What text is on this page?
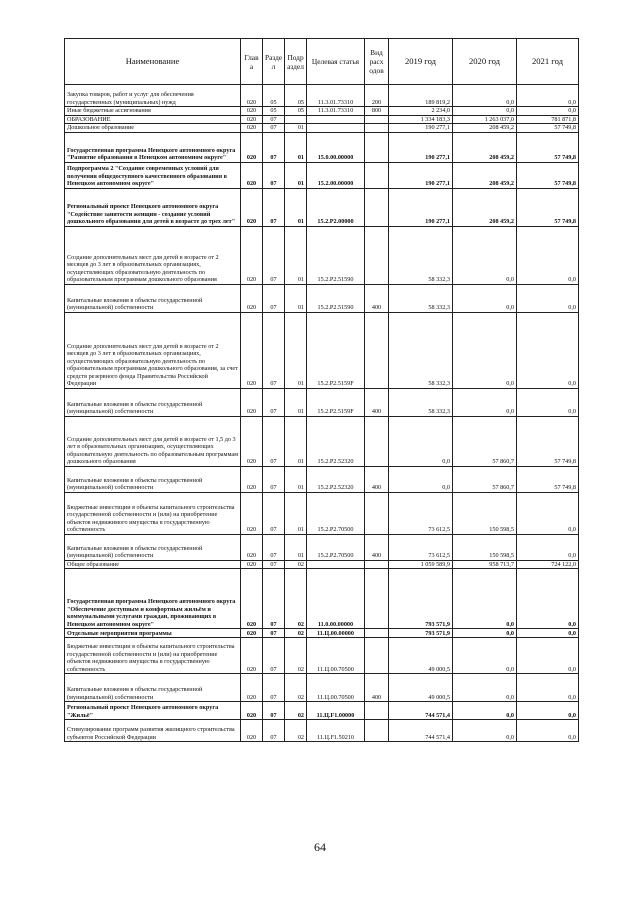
Наименование	Глав а	Разде л	Подр аздел	Целевая статья	Вид расх одов	2019 год	2020 год	2021 год
Закупка товаров, работ и услуг для обеспечения государственных (муниципальных) нужд	020	05	05	11.3.01.73310	200	189 819,2	0,0	0,0
Иные бюджетные ассигнования	020	05	05	11.3.01.73310	800	2 234,0	0,0	0,0
ОБРАЗОВАНИЕ	020	07				1 334 183,3	1 263 037,0	781 871,8
Дошкольное образование	020	07	01			190 277,1	208 459,2	57 749,8
Государственная программа Ненецкого автономного округа "Развитие образования в Ненецком автономном округе"	020	07	01	15.0.00.00000		190 277,1	208 459,2	57 749,8
Подпрограмма 2 "Создание современных условий для получения общедоступного качественного образования в Ненецком автономном округе"	020	07	01	15.2.00.00000		190 277,1	208 459,2	57 749,8
Региональный проект Ненецкого автономного округа "Содействие занятости женщин - создание условий дошкольного образования для детей в возрасте до трех лет"	020	07	01	15.2.P2.00000		190 277,1	208 459,2	57 749,8
Создание дополнительных мест для детей в возрасте от 2 месяцев до 3 лет в образовательных организациях, осуществляющих образовательную деятельность по образовательным программам дошкольного образования	020	07	01	15.2.P2.51590		58 332,3	0,0	0,0
Капитальные вложения в объекты государственной (муниципальной) собственности	020	07	01	15.2.P2.51590	400	58 332,3	0,0	0,0
Создание дополнительных мест для детей в возрасте от 2 месяцев до 3 лет в образовательных организациях, осуществляющих образовательную деятельность по образовательным программам дошкольного образования, за счет средств резервного фонда Правительства Российской Федерации	020	07	01	15.2.P2.5159F		58 332,3	0,0	0,0
Капитальные вложения в объекты государственной (муниципальной) собственности	020	07	01	15.2.P2.5159F	400	58 332,3	0,0	0,0
Создание дополнительных мест для детей в возрасте от 1,5 до 3 лет в образовательных организациях, осуществляющих образовательную деятельность по образовательным программам дошкольного образования	020	07	01	15.2.P2.52320		0,0	57 860,7	57 749,8
Капитальные вложения в объекты государственной (муниципальной) собственности	020	07	01	15.2.P2.52320	400	0,0	57 860,7	57 749,8
Бюджетные инвестиции в объекты капитального строительства государственной собственности и (или) на приобретение объектов недвижимого имущества в государственную собственность	020	07	01	15.2.P2.70500		73 612,5	150 598,5	0,0
Капитальные вложения в объекты государственной (муниципальной) собственности	020	07	01	15.2.P2.70500	400	73 612,5	150 598,5	0,0
Общее образование	020	07	02			1 059 589,9	958 713,7	724 122,0
Государственная программа Ненецкого автономного округа "Обеспечение доступным и комфортным жильём и коммунальными услугами граждан, проживающих в Ненецком автономном округе"	020	07	02	11.0.00.00000		793 571,9	0,0	0,0
Отдельные мероприятия программы	020	07	02	11.Ц.00.00000		793 571,9	0,0	0,0
Бюджетные инвестиции в объекты капитального строительства государственной собственности и (или) на приобретение объектов недвижимого имущества в государственную собственность	020	07	02	11.Ц.00.70500		49 000,5	0,0	0,0
Капитальные вложения в объекты государственной (муниципальной) собственности	020	07	02	11.Ц.00.70500	400	49 000,5	0,0	0,0
Региональный проект Ненецкого автономного округа "Жильё"	020	07	02	11.Ц.F1.00000		744 571,4	0,0	0,0
Стимулирование программ развития жилищного строительства субъектов Российской Федерации	020	07	02	11.Ц.F1.50210		744 571,4	0,0	0,0
64
